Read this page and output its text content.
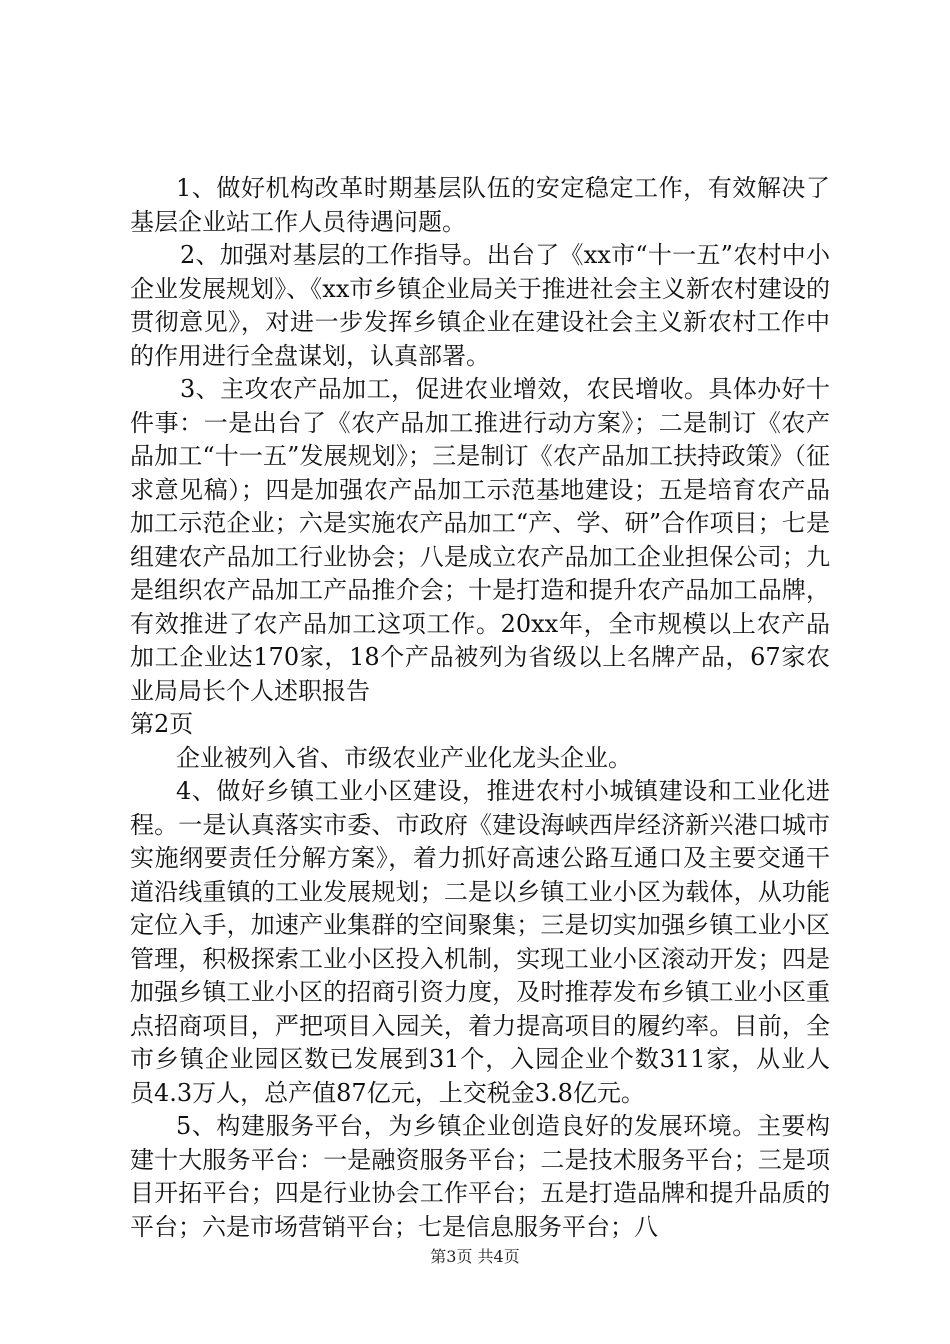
1、做好机构改革时期基层队伍的安定稳定工作，有效解决了基层企业站工作人员待遇问题。

2、加强对基层的工作指导。出台了《xx市“十一五”农村中小企业发展规划》、《xx市乡镇企业局关于推进社会主义新农村建设的贯彻意见》，对进一步发挥乡镇企业在建设社会主义新农村工作中的作用进行全盘谋划，认真部署。

3、主攻农产品加工，促进农业增效，农民增收。具体办好十件事：一是出台了《农产品加工推进行动方案》；二是制订《农产品加工“十一五”发展规划》；三是制订《农产品加工扶持政策》（征求意见稿）；四是加强农产品加工示范基地建设；五是培育农产品加工示范企业；六是实施农产品加工“产、学、研”合作项目；七是组建农产品加工行业协会；八是成立农产品加工企业担保公司；九是组织农产品加工产品推介会；十是打造和提升农产品加工品牌，有效推进了农产品加工这项工作。20xx年，全市规模以上农产品加工企业达170家，18个产品被列为省级以上名牌产品，67家农业局局长个人述职报告

第2页

企业被列入省、市级农业产业化龙头企业。

4、做好乡镇工业小区建设，推进农村小城镇建设和工业化进程。一是认真落实市委、市政府《建设海峡西岸经济新兴港口城市实施纲要责任分解方案》，着力抓好高速公路互通口及主要交通干道沿线重镇的工业发展规划；二是以乡镇工业小区为载体，从功能定位入手，加速产业集群的空间聚集；三是切实加强乡镇工业小区管理，积极探索工业小区投入机制，实现工业小区滚动开发；四是加强乡镇工业小区的招商引资力度，及时推荐发布乡镇工业小区重点招商项目，严把项目入园关，着力提高项目的履约率。目前，全市乡镇企业园区数已发展到31个，入园企业个数311家，从业人员4.3万人，总产值87亿元，上交税金3.8亿元。

5、构建服务平台，为乡镇企业创造良好的发展环境。主要构建十大服务平台：一是融资服务平台；二是技术服务平台；三是项目开拓平台；四是行业协会工作平台；五是打造品牌和提升品质的平台；六是市场营销平台；七是信息服务平台；八

第3页 共4页
